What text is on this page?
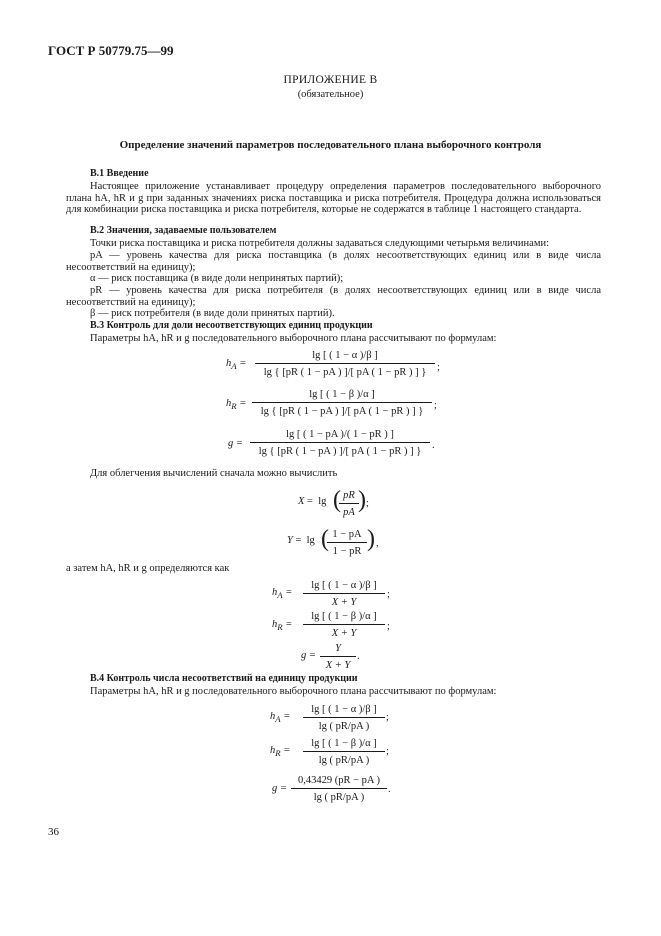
ГОСТ Р 50779.75—99
ПРИЛОЖЕНИЕ В
(обязательное)
Определение значений параметров последовательного плана выборочного контроля
В.1 Введение
Настоящее приложение устанавливает процедуру определения параметров последовательного выборочного плана hA, hR и g при заданных значениях риска поставщика и риска потребителя. Процедура должна использоваться для комбинации риска поставщика и риска потребителя, которые не содержатся в таблице 1 настоящего стандарта.
В.2 Значения, задаваемые пользователем
Точки риска поставщика и риска потребителя должны задаваться следующими четырьмя величинами:
pA — уровень качества для риска поставщика (в долях несоответствующих единиц или в виде числа несоответствий на единицу);
α — риск поставщика (в виде доли непринятых партий);
pR — уровень качества для риска потребителя (в долях несоответствующих единиц или в виде числа несоответствий на единицу);
β — риск потребителя (в виде доли принятых партий).
В.3 Контроль для доли несоответствующих единиц продукции
Параметры hA, hR и g последовательного выборочного плана рассчитывают по формулам:
$h_A = \frac{\lg [ ( 1 - \alpha )/\beta ]}{\lg \{ [pR ( 1 - pA ) ]/[ pA ( 1 - pR ) ] \}}$ ;
$h_R = \frac{\lg [ ( 1 - \beta )/\alpha ]}{\lg \{ [pR ( 1 - pA ) ]/[ pA ( 1 - pR ) ] \}}$ ;
$g = \frac{\lg [ ( 1 - pA )/( 1 - pR ) ]}{\lg \{ [pR ( 1 - pA ) ]/[ pA ( 1 - pR ) ] \}}$ .
Для облегчения вычислений сначала можно вычислить
X =  lg (
$\frac{pR}{pA}$ ) ;
Y =  lg (
$\frac{1 - pA}{1 - pR}$ ) ,
а затем hA, hR и g определяются как
$h_A = \frac{\lg [ ( 1 - \alpha )/\beta ]}{X + Y}$ ;
$h_R = \frac{\lg [ ( 1 - \beta )/\alpha ]}{X + Y}$ ;
$g = \frac{Y}{X + Y}$ .
В.4 Контроль числа несоответствий на единицу продукции
Параметры hA, hR и g последовательного выборочного плана рассчитывают по формулам:
$h_A = \frac{\lg [ ( 1 - \alpha )/\beta ]}{\lg ( pR/pA )}$ ;
$h_R = \frac{\lg [ ( 1 - \beta )/\alpha ]}{\lg ( pR/pA )}$ ;
$g = \frac{0,43429 (pR - pA )}{\lg ( pR/pA )}$ .
36
